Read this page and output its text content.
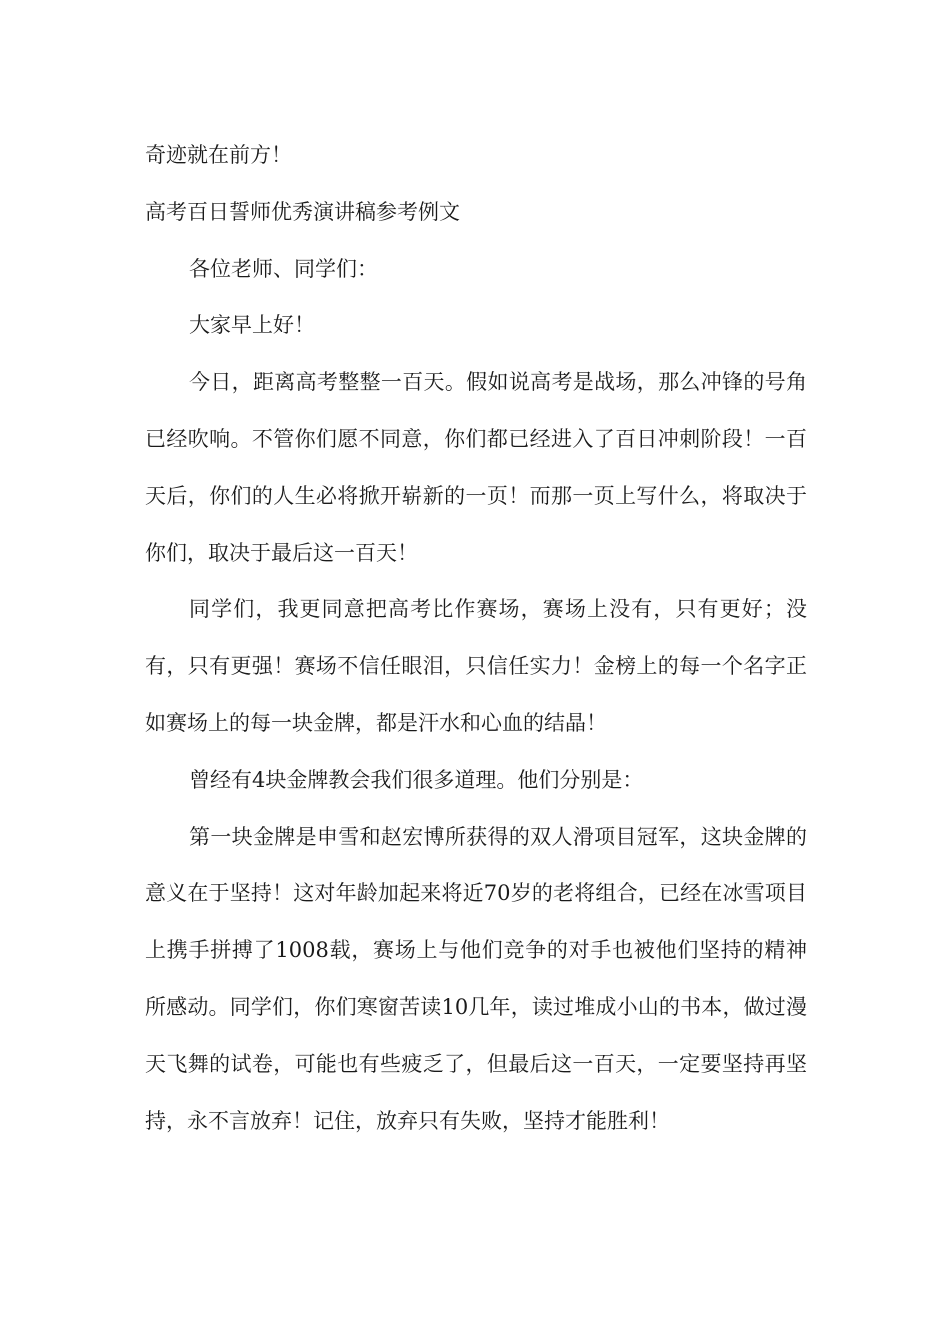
奇迹就在前方！

高考百日誓师优秀演讲稿参考例文

各位老师、同学们：

大家早上好！

今日，距离高考整整一百天。假如说高考是战场，那么冲锋的号角已经吹响。不管你们愿不同意，你们都已经进入了百日冲刺阶段！一百天后，你们的人生必将掀开崭新的一页！而那一页上写什么，将取决于你们，取决于最后这一百天！

同学们，我更同意把高考比作赛场，赛场上没有，只有更好；没有，只有更强！赛场不信任眼泪，只信任实力！金榜上的每一个名字正如赛场上的每一块金牌，都是汗水和心血的结晶！

曾经有4块金牌教会我们很多道理。他们分别是：

第一块金牌是申雪和赵宏博所获得的双人滑项目冠军，这块金牌的意义在于坚持！这对年龄加起来将近70岁的老将组合，已经在冰雪项目上携手拼搏了1008载，赛场上与他们竞争的对手也被他们坚持的精神所感动。同学们，你们寒窗苦读10几年，读过堆成小山的书本，做过漫天飞舞的试卷，可能也有些疲乏了，但最后这一百天，一定要坚持再坚持，永不言放弃！记住，放弃只有失败，坚持才能胜利！
